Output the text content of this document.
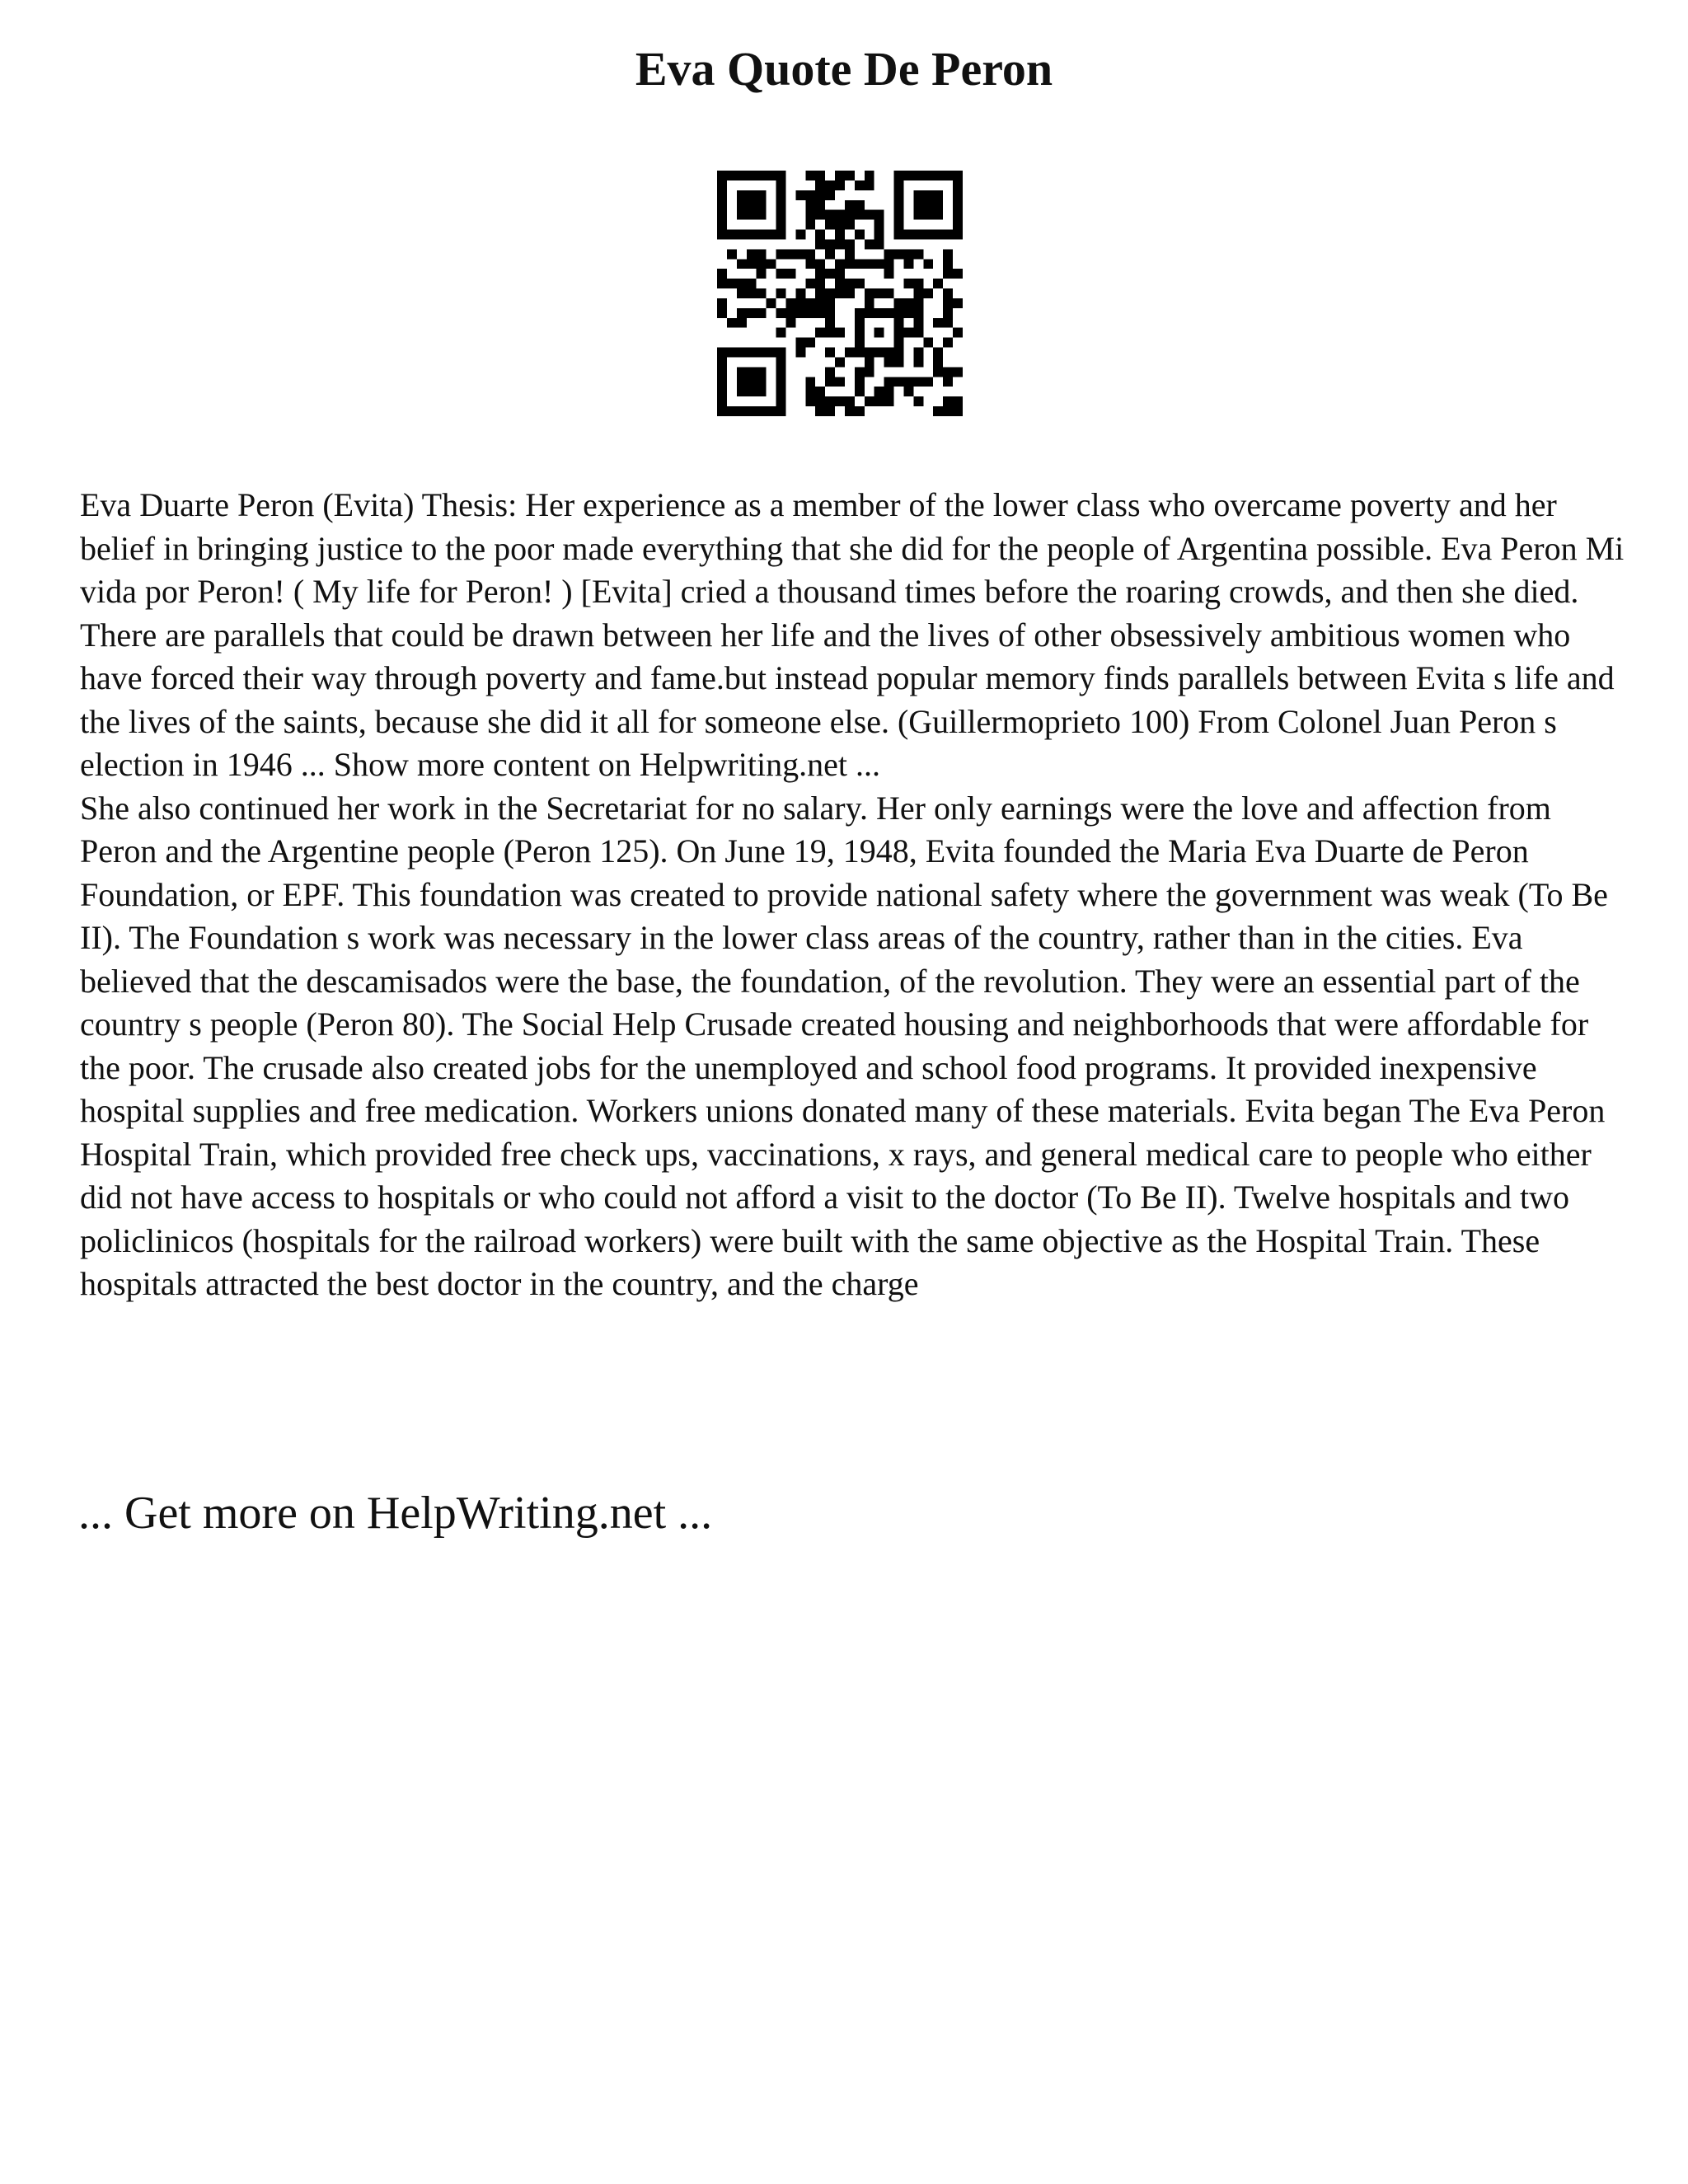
Eva Quote De Peron

Eva Duarte Peron (Evita) Thesis: Her experience as a member of the lower class who overcame poverty and her belief in bringing justice to the poor made everything that she did for the people of Argentina possible. Eva Peron Mi vida por Peron! ( My life for Peron! ) [Evita] cried a thousand times before the roaring crowds, and then she died. There are parallels that could be drawn between her life and the lives of other obsessively ambitious women who have forced their way through poverty and fame.but instead popular memory finds parallels between Evita s life and the lives of the saints, because she did it all for someone else. (Guillermoprieto 100) From Colonel Juan Peron s election in 1946 ... Show more content on Helpwriting.net ...

She also continued her work in the Secretariat for no salary. Her only earnings were the love and affection from Peron and the Argentine people (Peron 125). On June 19, 1948, Evita founded the Maria Eva Duarte de Peron Foundation, or EPF. This foundation was created to provide national safety where the government was weak (To Be II). The Foundation s work was necessary in the lower class areas of the country, rather than in the cities. Eva believed that the descamisados were the base, the foundation, of the revolution. They were an essential part of the country s people (Peron 80). The Social Help Crusade created housing and neighborhoods that were affordable for the poor. The crusade also created jobs for the unemployed and school food programs. It provided inexpensive hospital supplies and free medication. Workers unions donated many of these materials. Evita began The Eva Peron Hospital Train, which provided free check ups, vaccinations, x rays, and general medical care to people who either did not have access to hospitals or who could not afford a visit to the doctor (To Be II). Twelve hospitals and two policlinicos (hospitals for the railroad workers) were built with the same objective as the Hospital Train. These hospitals attracted the best doctor in the country, and the charge

... Get more on HelpWriting.net ...
